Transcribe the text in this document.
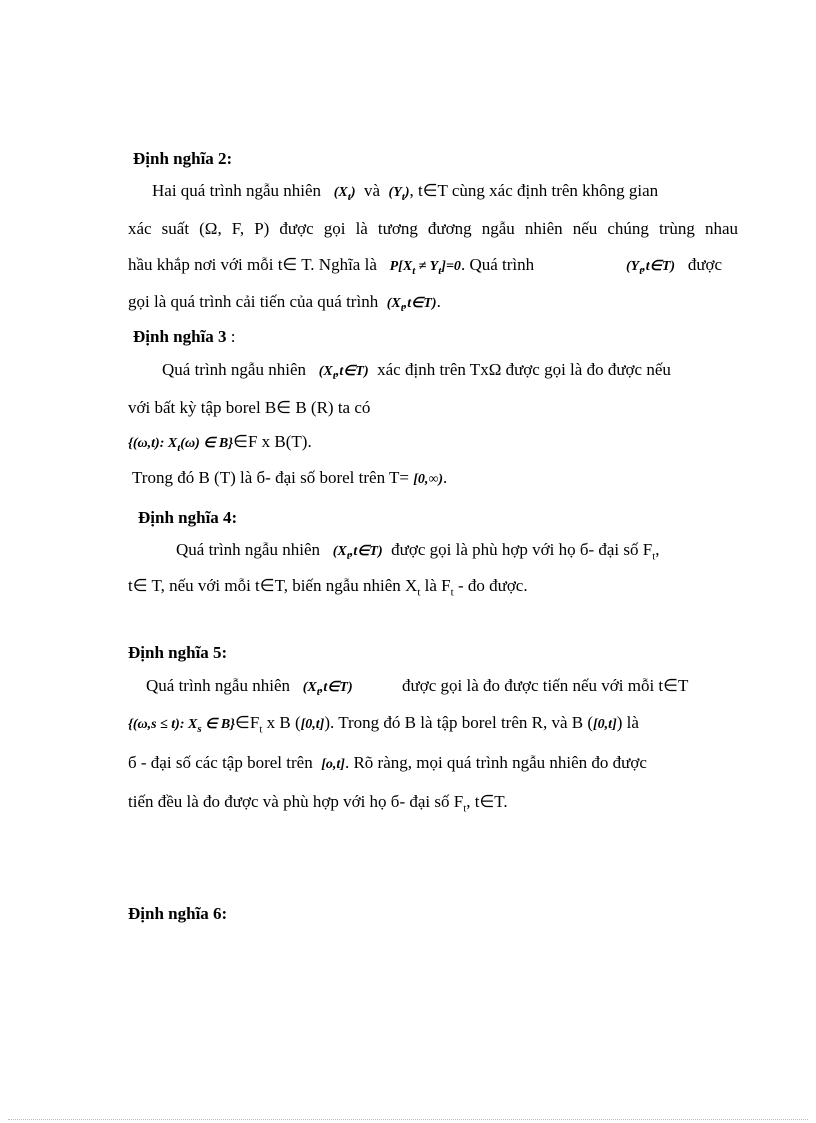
Định nghĩa 2:
Hai quá trình ngẫu nhiên $(X_t)$ và $(Y_t)$, t∈T cùng xác định trên không gian
xác suất (Ω, F, P) được gọi là tương đương ngẫu nhiên nếu chúng trùng nhau
hầu khắp nơi với mỗi t∈ T. Nghĩa là $P[X_t \ne Y_t]=0$. Quá trình	$(Y_t,t\in T)$ được
gọi là quá trình cải tiến của quá trình $(X_t,t\in T)$.
Định nghĩa 3 :
Quá trình ngẫu nhiên $(X_t,t\in T)$ xác định trên TxΩ được gọi là đo được nếu
với bất kỳ tập borel B∈ B (R) ta có
{(ω,t): $X_t(\omega)$ ∈ B}∈F x B(T).
Trong đó B (T) là б- đại số borel trên T= [0,∞).
Định nghĩa 4:
Quá trình ngẫu nhiên $(X_t,t\in T)$ được gọi là phù hợp với họ б- đại số $F_t$,
t∈ T, nếu với mỗi t∈T, biến ngẫu nhiên $X_t$ là $F_t$ - đo được.
Định nghĩa 5:
Quá trình ngẫu nhiên $(X_t,t\in T)$	được gọi là đo được tiến nếu với mỗi t∈T
{(ω,s ≤ t): $X_s$ ∈ $B\}\in F_t$ x B ([0,t]). Trong đó B là tập borel trên R, và B ([0,t]) là
б - đại số các tập borel trên [o,t]. Rõ ràng, mọi quá trình ngẫu nhiên đo được
tiến đều là đo được và phù hợp với họ б- đại số $F_t$, t∈T.
Định nghĩa 6:
